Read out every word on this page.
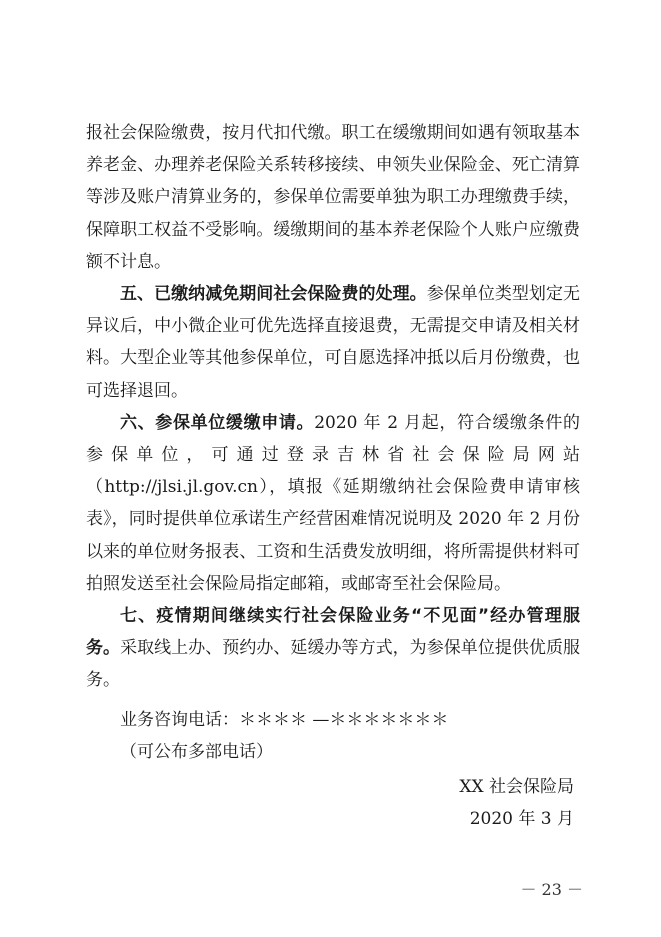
报社会保险缴费，按月代扣代缴。职工在缓缴期间如遇有领取基本养老金、办理养老保险关系转移接续、申领失业保险金、死亡清算等涉及账户清算业务的，参保单位需要单独为职工办理缴费手续，保障职工权益不受影响。缓缴期间的基本养老保险个人账户应缴费额不计息。

五、已缴纳减免期间社会保险费的处理。参保单位类型划定无异议后，中小微企业可优先选择直接退费，无需提交申请及相关材料。大型企业等其他参保单位，可自愿选择冲抵以后月份缴费，也可选择退回。

六、参保单位缓缴申请。2020 年 2 月起，符合缓缴条件的参保单位，可通过登录吉林省社会保险局网站（http://jlsi.jl.gov.cn），填报《延期缴纳社会保险费申请审核表》，同时提供单位承诺生产经营困难情况说明及 2020 年 2 月份以来的单位财务报表、工资和生活费发放明细，将所需提供材料可拍照发送至社会保险局指定邮箱，或邮寄至社会保险局。

七、疫情期间继续实行社会保险业务“不见面”经办管理服务。采取线上办、预约办、延缓办等方式，为参保单位提供优质服务。

业务咨询电话：＊＊＊＊ —＊＊＊＊＊＊＊
（可公布多部电话）
XX 社会保险局
2020 年 3 月
－ 23 －
